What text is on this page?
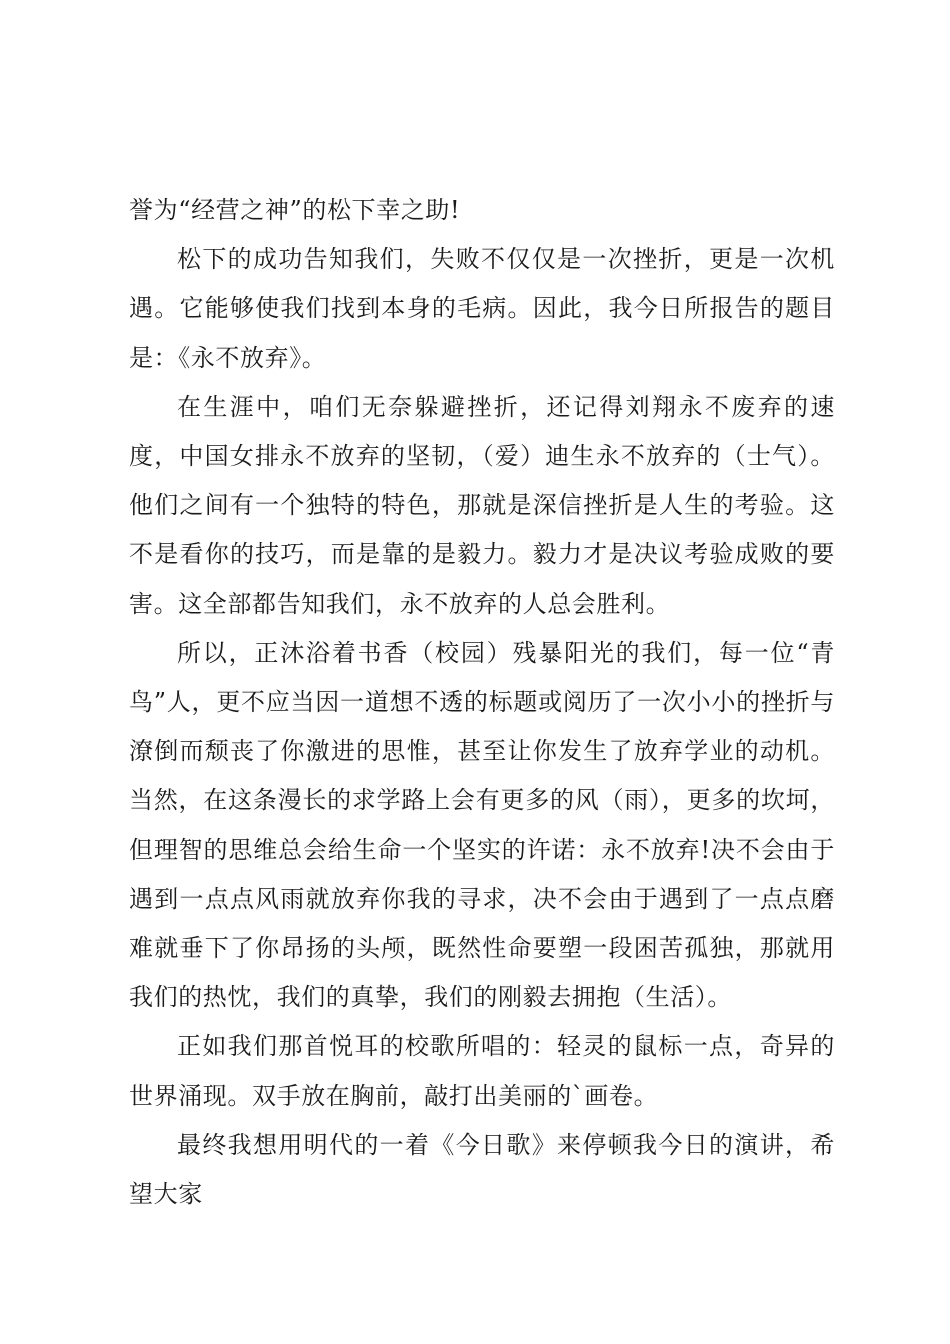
誉为“经营之神”的松下幸之助!

松下的成功告知我们，失败不仅仅是一次挫折，更是一次机遇。它能够使我们找到本身的毛病。因此，我今日所报告的题目是：《永不放弃》。

在生涯中，咱们无奈躲避挫折，还记得刘翔永不废弃的速度，中国女排永不放弃的坚韧，（爱）迪生永不放弃的（士气）。他们之间有一个独特的特色，那就是深信挫折是人生的考验。这不是看你的技巧，而是靠的是毅力。毅力才是决议考验成败的要害。这全部都告知我们，永不放弃的人总会胜利。

所以，正沐浴着书香（校园）残暴阳光的我们，每一位“青鸟”人，更不应当因一道想不透的标题或阅历了一次小小的挫折与潦倒而颓丧了你激进的思惟，甚至让你发生了放弃学业的动机。当然，在这条漫长的求学路上会有更多的风（雨），更多的坎坷，但理智的思维总会给生命一个坚实的许诺：永不放弃!决不会由于遇到一点点风雨就放弃你我的寻求，决不会由于遇到了一点点磨难就垂下了你昂扬的头颅，既然性命要塑一段困苦孤独，那就用我们的热忱，我们的真挚，我们的刚毅去拥抱（生活）。

正如我们那首悦耳的校歌所唱的：轻灵的鼠标一点，奇异的世界涌现。双手放在胸前，敲打出美丽的`画卷。

最终我想用明代的一着《今日歌》来停顿我今日的演讲，希望大家
